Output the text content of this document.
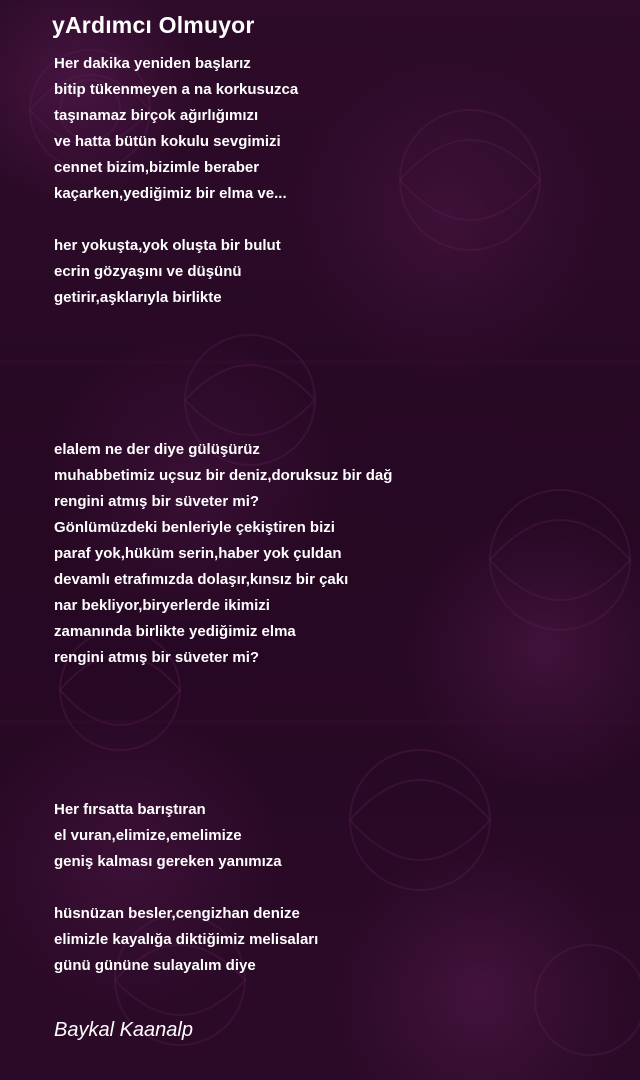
yArdımcı Olmuyor
Her dakika yeniden başlarız
bitip tükenmeyen a na korkusuzca
taşınamaz birçok ağırlığımızı
ve hatta bütün kokulu sevgimizi
cennet bizim,bizimle beraber
kaçarken,yediğimiz bir elma ve...
her yokuşta,yok oluşta bir bulut
ecrin gözyaşını ve düşünü
getirir,aşklarıyla birlikte
elalem ne der diye gülüşürüz
muhabbetimiz uçsuz bir deniz,doruksuz bir dağ
rengini atmış bir süveter mi?
Gönlümüzdeki benleriyle çekiştiren bizi
paraf yok,hüküm serin,haber yok çuldan
devamlı etrafımızda dolaşır,kınsız bir çakı
nar bekliyor,biryerlerde ikimizi
zamanında birlikte yediğimiz elma
rengini atmış bir süveter mi?
Her fırsatta barıştıran
el vuran,elimize,emelimize
geniş kalması gereken yanımıza
hüsnüzan besler,cengizhan denize
elimizle kayalığa diktiğimiz melisaları
günü gününe sulayalım diye
Baykal Kaanalp
